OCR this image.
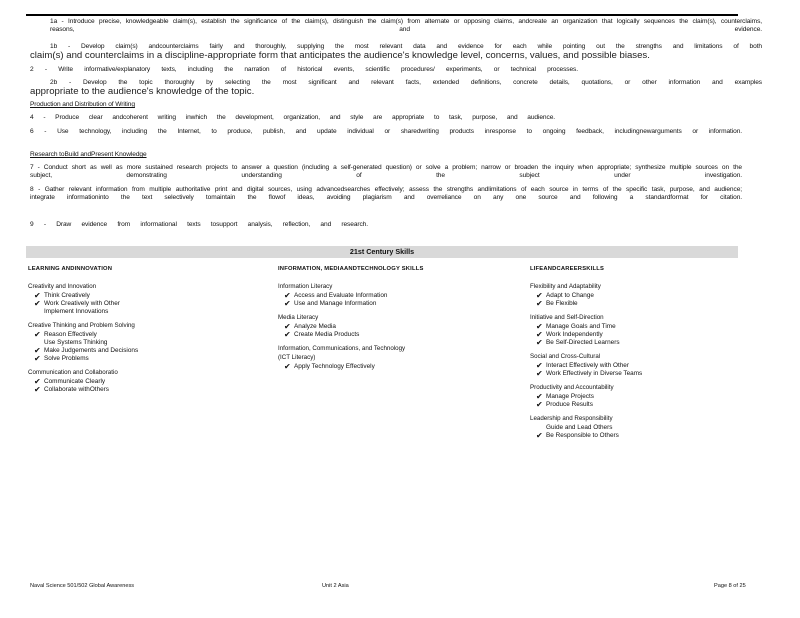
1a - Introduce precise, knowledgeable claim(s), establish the significance of the claim(s), distinguish the claim(s) from alternate or opposing claims, andcreate an organization that logically sequences the claim(s), counterclaims, reasons, and evidence.
1b - Develop claim(s) andcounterclaims fairly and thoroughly, supplying the most relevant data and evidence for each while pointing out the strengths and limitations of both
claim(s) and counterclaims in a discipline-appropriate form that anticipates the audience's knowledge level, concerns, values, and possible biases.
2 - Write informative/explanatory texts, including the narration of historical events, scientific procedures/ experiments, or technical processes.
2b - Develop the topic thoroughly by selecting the most significant and relevant facts, extended definitions, concrete details, quotations, or other information and examples
appropriate to the audience's knowledge of the topic.
Production and Distribution of Writing
4 - Produce clear andcoherent writing inwhich the development, organization, and style are appropriate to task, purpose, and audience.
6 - Use technology, including the Internet, to produce, publish, and update individual or sharedwriting products inresponse to ongoing feedback, includingnewarguments or information.
Research toBuild andPresent Knowledge
7 - Conduct short as well as more sustained research projects to answer a question (including a self-generated question) or solve a problem; narrow or broaden the inquiry when appropriate; synthesize multiple sources on the subject, demonstrating understanding of the subject under investigation.
8 - Gather relevant information from multiple authoritative print and digital sources, using advancedsearches effectively; assess the strengths andlimitations of each source in terms of the specific task, purpose, and audience; integrate informationinto the text selectively tomaintain the flowof ideas, avoiding plagiarism and overreliance on any one source and following a standardformat for citation.
9 - Draw evidence from informational texts tosupport analysis, reflection, and research.
21st Century Skills
LEARNING ANDINNOVATION
Creativity and Innovation
✔ Think Creatively
✔ Work Creatively with Other
Implement Innovations
Creative Thinking and Problem Solving
✔ Reason Effectively
Use Systems Thinking
✔ Make Judgements and Decisions
✔ Solve Problems
Communication and Collaboratio
✔ Communicate Clearly
✔ Collaborate withOthers
INFORMATION, MEDIAANDTECHNOLOGY SKILLS
Information Literacy
✔ Access and Evaluate Information
✔ Use and Manage Information
Media Literacy
✔ Analyze Media
✔ Create Media Products
Information, Communications, and Technology
(ICT Literacy)
✔ Apply Technology Effectively
LIFEANDCAREERSKILLS
Flexibility and Adaptability
✔ Adapt to Change
✔ Be Flexible
Initiative and Self-Direction
✔ Manage Goals and Time
✔ Work Independently
✔ Be Self-Directed Learners
Social and Cross-Cultural
✔ Interact Effectively with Other
✔ Work Effectively in Diverse Teams
Productivity and Accountability
✔ Manage Projects
✔ Produce Results
Leadership and Responsibility
Guide and Lead Others
✔ Be Responsible to Others
Naval Science 501/502 Global Awareness	Unit 2 Asia	Page 8 of 25
